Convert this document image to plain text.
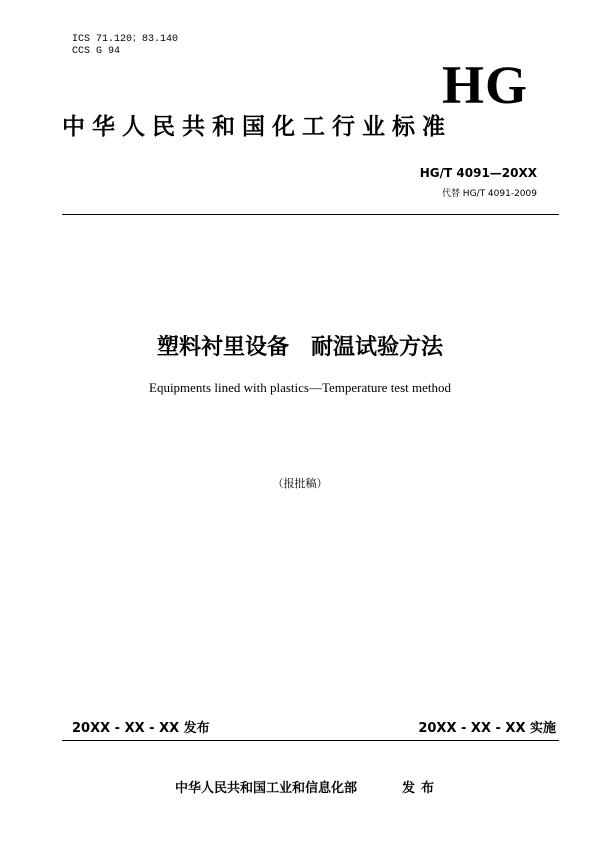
ICS 71.120；83.140
CCS G 94
HG
中华人民共和国化工行业标准
HG/T 4091—20XX
代替 HG/T 4091-2009
塑料衬里设备 耐温试验方法
Equipments lined with plastics—Temperature test method
（报批稿）
20XX - XX - XX 发布	20XX - XX - XX 实施
中华人民共和国工业和信息化部	发布
